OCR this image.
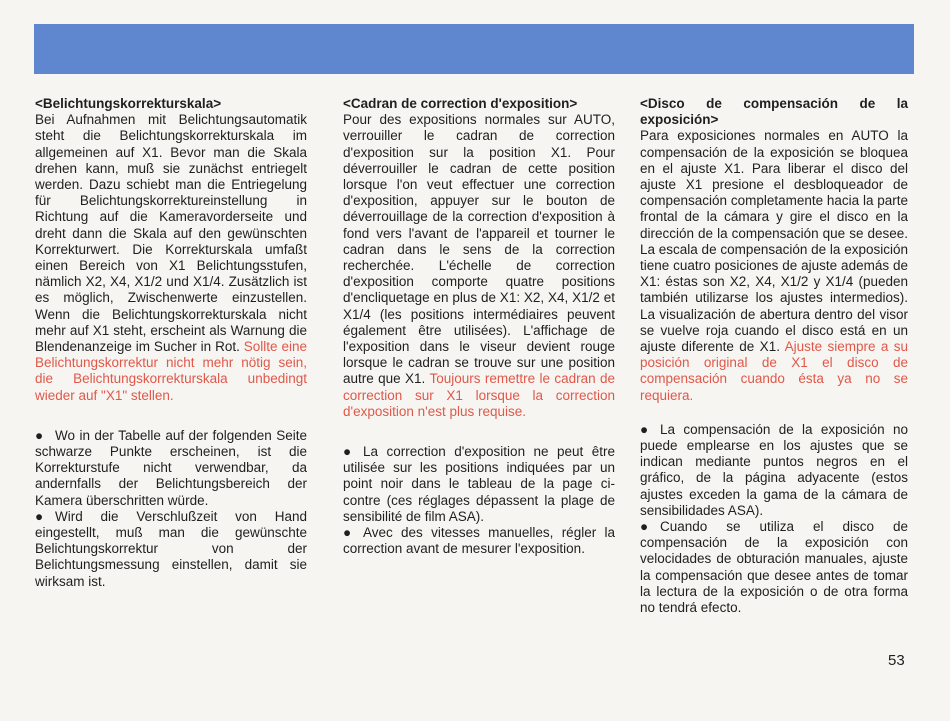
<Belichtungskorrekturskala>

Bei Aufnahmen mit Belichtungsautomatik steht die Belichtungskorrekturskala im allgemeinen auf X1. Bevor man die Skala drehen kann, muß sie zunächst entriegelt werden. Dazu schiebt man die Entriegelung für Belichtungskorrektureinstellung in Richtung auf die Kameravorderseite und dreht dann die Skala auf den gewünschten Korrekturwert. Die Korrekturskala umfaßt einen Bereich von X1 Belichtungsstufen, nämlich X2, X4, X1/2 und X1/4. Zusätzlich ist es möglich, Zwischenwerte einzustellen. Wenn die Belichtungskorrekturskala nicht mehr auf X1 steht, erscheint als Warnung die Blendenanzeige im Sucher in Rot. Sollte eine Belichtungskorrektur nicht mehr nötig sein, die Belichtungskorrekturskala unbedingt wieder auf "X1" stellen.

● Wo in der Tabelle auf der folgenden Seite schwarze Punkte erscheinen, ist die Korrekturstufe nicht verwendbar, da andernfalls der Belichtungsbereich der Kamera überschritten würde.

● Wird die Verschlußzeit von Hand eingestellt, muß man die gewünschte Belichtungskorrektur von der Belichtungsmessung einstellen, damit sie wirksam ist.

<Cadran de correction d'exposition>

Pour des expositions normales sur AUTO, verrouiller le cadran de correction d'exposition sur la position X1. Pour déverrouiller le cadran de cette position lorsque l'on veut effectuer une correction d'exposition, appuyer sur le bouton de déverrouillage de la correction d'exposition à fond vers l'avant de l'appareil et tourner le cadran dans le sens de la correction recherchée. L'échelle de correction d'exposition comporte quatre positions d'encliquetage en plus de X1: X2, X4, X1/2 et X1/4 (les positions intermédiaires peuvent également être utilisées). L'affichage de l'exposition dans le viseur devient rouge lorsque le cadran se trouve sur une position autre que X1. Toujours remettre le cadran de correction sur X1 lorsque la correction d'exposition n'est plus requise.

● La correction d'exposition ne peut être utilisée sur les positions indiquées par un point noir dans le tableau de la page ci-contre (ces réglages dépassent la plage de sensibilité de film ASA).

● Avec des vitesses manuelles, régler la correction avant de mesurer l'exposition.

<Disco de compensación de la exposición>

Para exposiciones normales en AUTO la compensación de la exposición se bloquea en el ajuste X1. Para liberar el disco del ajuste X1 presione el desbloqueador de compensación completamente hacia la parte frontal de la cámara y gire el disco en la dirección de la compensación que se desee. La escala de compensación de la exposición tiene cuatro posiciones de ajuste además de X1: éstas son X2, X4, X1/2 y X1/4 (pueden también utilizarse los ajustes intermedios). La visualización de abertura dentro del visor se vuelve roja cuando el disco está en un ajuste diferente de X1. Ajuste siempre a su posición original de X1 el disco de compensación cuando ésta ya no se requiera.

● La compensación de la exposición no puede emplearse en los ajustes que se indican mediante puntos negros en el gráfico, de la página adyacente (estos ajustes exceden la gama de la cámara de sensibilidades ASA).

● Cuando se utiliza el disco de compensación de la exposición con velocidades de obturación manuales, ajuste la compensación que desee antes de tomar la lectura de la exposición o de otra forma no tendrá efecto.

53
